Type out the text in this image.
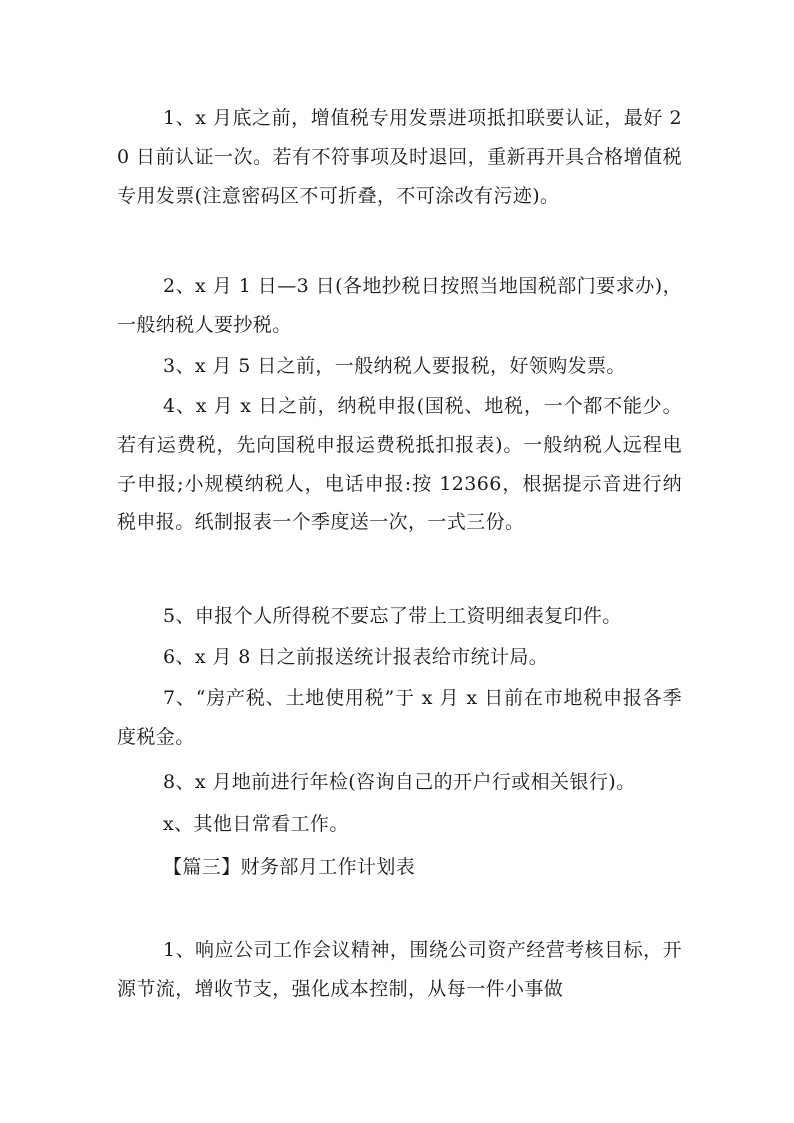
1、x 月底之前，增值税专用发票进项抵扣联要认证，最好 20 日前认证一次。若有不符事项及时退回，重新再开具合格增值税专用发票(注意密码区不可折叠，不可涂改有污迹)。

2、x 月 1 日—3 日(各地抄税日按照当地国税部门要求办)，一般纳税人要抄税。

3、x 月 5 日之前，一般纳税人要报税，好领购发票。

4、x 月 x 日之前，纳税申报(国税、地税，一个都不能少。若有运费税，先向国税申报运费税抵扣报表)。一般纳税人远程电子申报;小规模纳税人，电话申报:按 12366，根据提示音进行纳税申报。纸制报表一个季度送一次，一式三份。

5、申报个人所得税不要忘了带上工资明细表复印件。

6、x 月 8 日之前报送统计报表给市统计局。

7、“房产税、土地使用税”于 x 月 x 日前在市地税申报各季度税金。

8、x 月地前进行年检(咨询自己的开户行或相关银行)。

x、其他日常看工作。

【篇三】财务部月工作计划表

1、响应公司工作会议精神，围绕公司资产经营考核目标，开源节流，增收节支，强化成本控制，从每一件小事做
